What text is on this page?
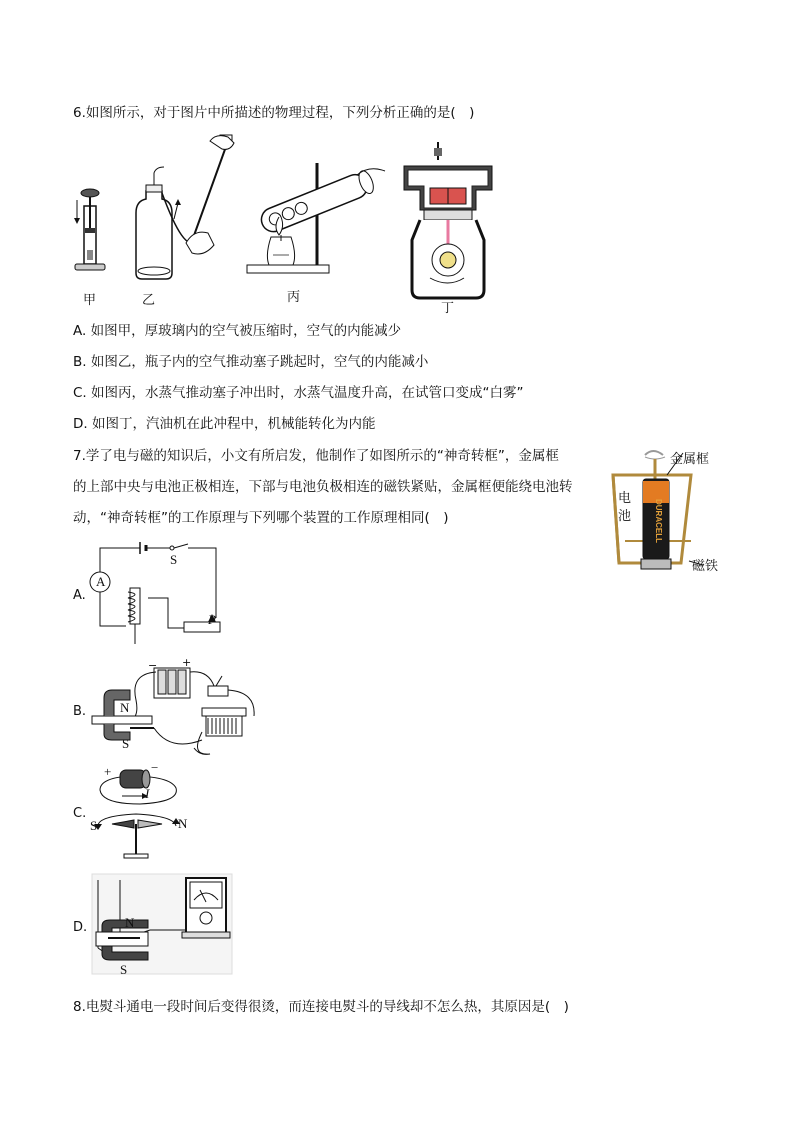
6.如图所示，对于图片中所描述的物理过程，下列分析正确的是(　)
甲	乙	丙
丁
A. 如图甲，厚玻璃内的空气被压缩时，空气的内能减少
B. 如图乙，瓶子内的空气推动塞子跳起时，空气的内能减小
C. 如图丙，水蒸气推动塞子冲出时，水蒸气温度升高，在试管口变成“白雾”
D. 如图丁，汽油机在此冲程中，机械能转化为内能
7.学了电与磁的知识后，小文有所启发，他制作了如图所示的“神奇转框”，金属框
的上部中央与电池正极相连，下部与电池负极相连的磁铁紧贴，金属框便能绕电池转
动，“神奇转框”的工作原理与下列哪个装置的工作原理相同(　)	DURACELL
金属框
电
池
磁铁
A.
A
S
P
B.	N
S
− +
C.
+	−
I
S	N
D.	N
S
8.电熨斗通电一段时间后变得很烫，而连接电熨斗的导线却不怎么热，其原因是(　)
